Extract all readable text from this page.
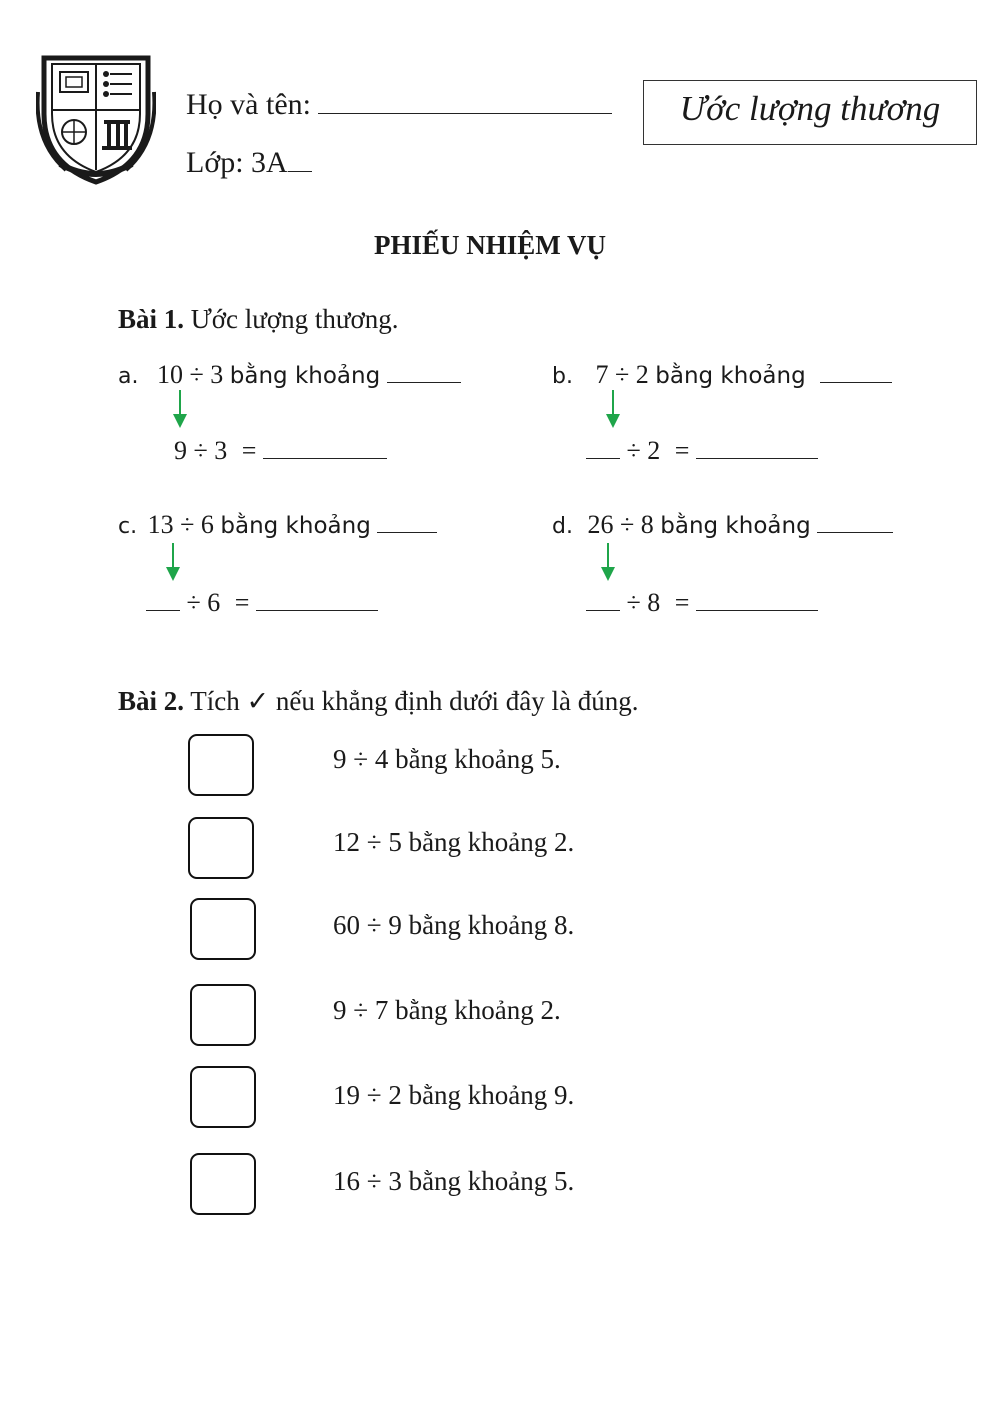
Họ và tên:
Lớp: 3A
Ước lượng thương
PHIẾU NHIỆM VỤ
Bài 1. Ước lượng thương.
a. 10 ÷ 3 bằng khoảng
9 ÷ 3 =
b. 7 ÷ 2 bằng khoảng
÷ 2 =
c. 13 ÷ 6 bằng khoảng
÷ 6 =
d. 26 ÷ 8 bằng khoảng
÷ 8 =
Bài 2. Tích ✓ nếu khẳng định dưới đây là đúng.
9 ÷ 4 bằng khoảng 5.
12 ÷ 5 bằng khoảng 2.
60 ÷ 9 bằng khoảng 8.
9 ÷ 7 bằng khoảng 2.
19 ÷ 2 bằng khoảng 9.
16 ÷ 3 bằng khoảng 5.
